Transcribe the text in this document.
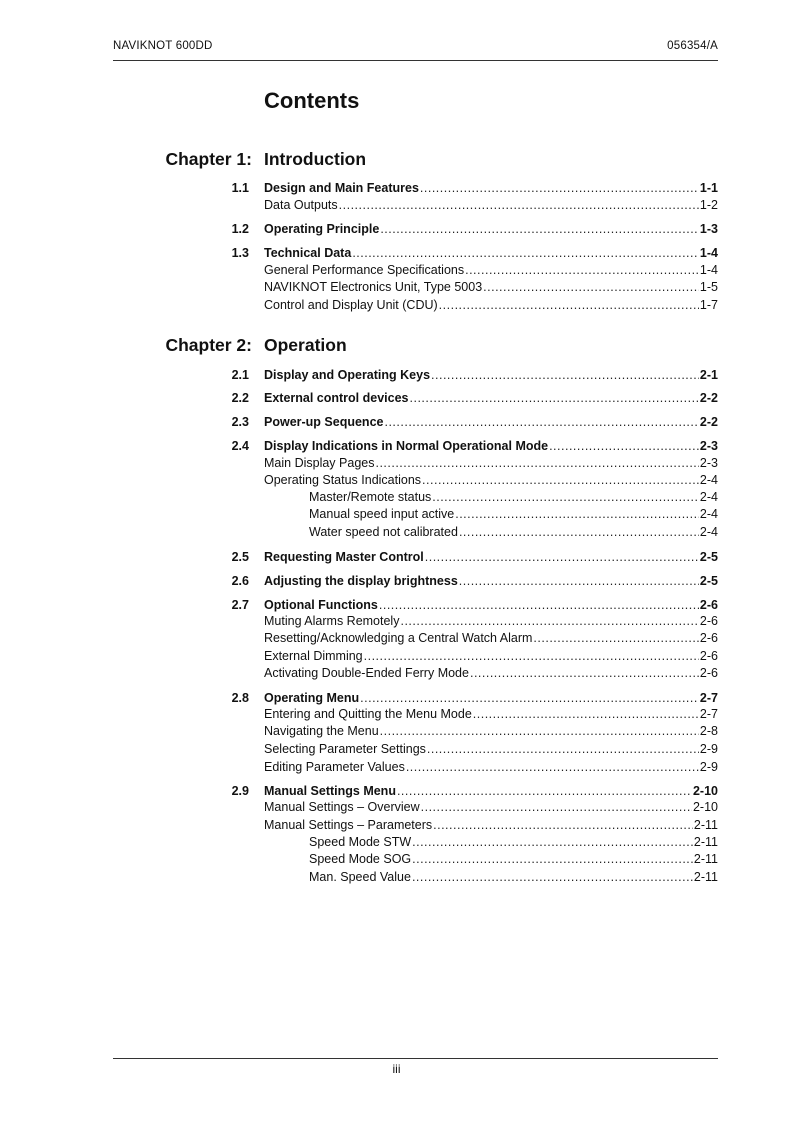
NAVIKNOT 600DD	056354/A
Contents
Chapter 1: Introduction
1.1 Design and Main Features .....	1-1
Data Outputs .....	1-2
1.2 Operating Principle .....	1-3
1.3 Technical Data .....	1-4
General Performance Specifications .....	1-4
NAVIKNOT Electronics Unit, Type 5003 .....	1-5
Control and Display Unit (CDU) .....	1-7
Chapter 2: Operation
2.1 Display and Operating Keys .....	2-1
2.2 External control devices .....	2-2
2.3 Power-up Sequence .....	2-2
2.4 Display Indications in Normal Operational Mode .....	2-3
Main Display Pages .....	2-3
Operating Status Indications .....	2-4
Master/Remote status .....	2-4
Manual speed input active .....	2-4
Water speed not calibrated .....	2-4
2.5 Requesting Master Control .....	2-5
2.6 Adjusting the display brightness .....	2-5
2.7 Optional Functions .....	2-6
Muting Alarms Remotely .....	2-6
Resetting/Acknowledging a Central Watch Alarm .....	2-6
External Dimming .....	2-6
Activating Double-Ended Ferry Mode .....	2-6
2.8 Operating Menu .....	2-7
Entering and Quitting the Menu Mode .....	2-7
Navigating the Menu .....	2-8
Selecting Parameter Settings .....	2-9
Editing Parameter Values .....	2-9
2.9 Manual Settings Menu .....	2-10
Manual Settings – Overview .....	2-10
Manual Settings – Parameters .....	2-11
Speed Mode STW .....	2-11
Speed Mode SOG .....	2-11
Man. Speed Value .....	2-11
iii
